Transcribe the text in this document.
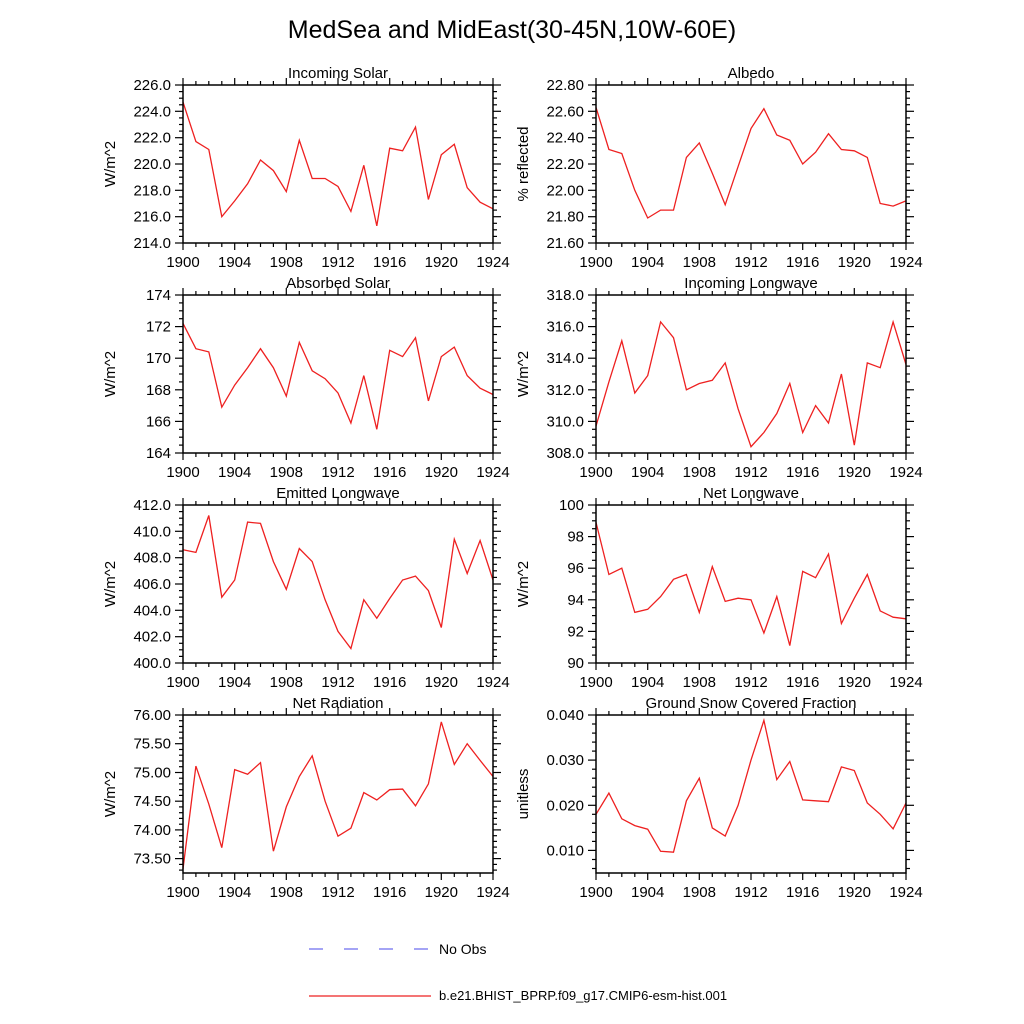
MedSea and MidEast(30-45N,10W-60E)
1900 1904 1908 1912 1916 1920 1924
214.0
216.0
218.0
220.0
222.0
224.0
226.0
Incoming Solar
W/m^2
1900 1904 1908 1912 1916 1920 1924
21.60
21.80
22.00
22.20
22.40
22.60
22.80
Albedo
% reflected
1900 1904 1908 1912 1916 1920 1924
164
166
168
170
172
174
Absorbed Solar
W/m^2
1900 1904 1908 1912 1916 1920 1924
308.0
310.0
312.0
314.0
316.0
318.0
Incoming Longwave
W/m^2
1900 1904 1908 1912 1916 1920 1924
400.0
402.0
404.0
406.0
408.0
410.0
412.0
Emitted Longwave
W/m^2
1900 1904 1908 1912 1916 1920 1924
90
92
94
96
98
100
Net Longwave
W/m^2
1900 1904 1908 1912 1916 1920 1924
73.50
74.00
74.50
75.00
75.50
76.00
Net Radiation
W/m^2
1900 1904 1908 1912 1916 1920 1924
0.010
0.020
0.030
0.040
Ground Snow Covered Fraction
unitless
No Obs
b.e21.BHIST_BPRP.f09_g17.CMIP6-esm-hist.001
